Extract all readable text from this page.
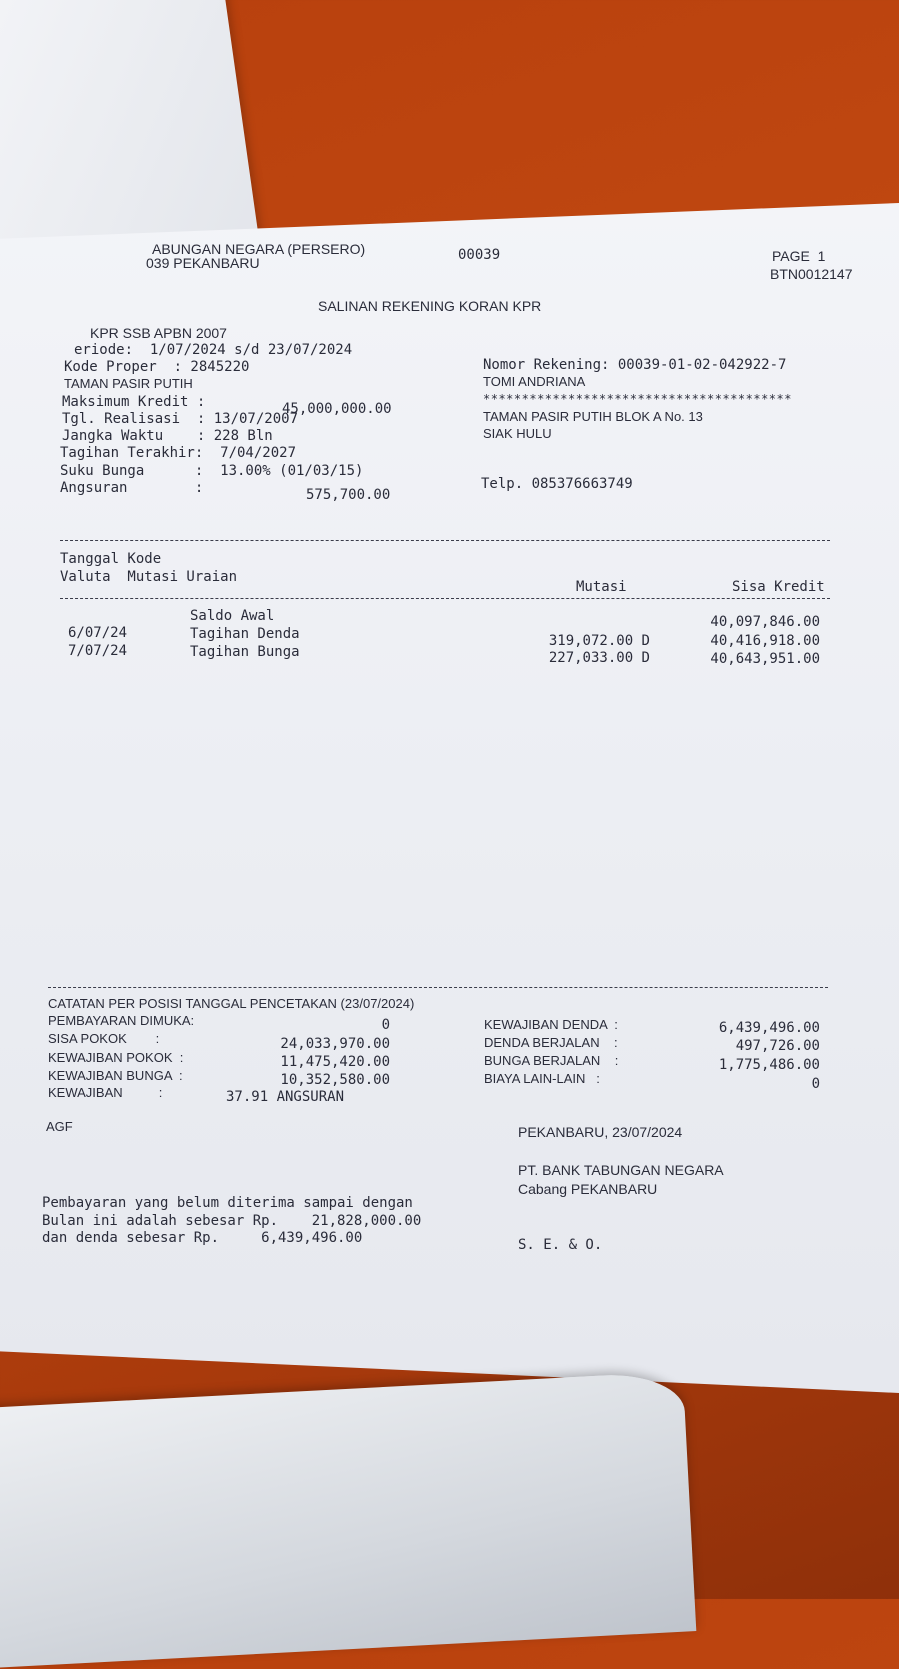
ABUNGAN NEGARA (PERSERO)
039 PEKANBARU	00039	PAGE  1
BTN0012147
SALINAN REKENING KORAN KPR
KPR SSB APBN 2007
eriode:  1/07/2024 s/d 23/07/2024
Kode Proper  : 2845220
TAMAN PASIR PUTIH
Maksimum Kredit :	45,000,000.00
Tgl. Realisasi  : 13/07/2007
Jangka Waktu    : 228 Bln
Tagihan Terakhir:  7/04/2027
Suku Bunga      :  13.00% (01/03/15)
Angsuran        :	575,700.00
Nomor Rekening: 00039-01-02-042922-7
TOMI ANDRIANA
****************************************
TAMAN PASIR PUTIH BLOK A No. 13
SIAK HULU
Telp. 085376663749
Tanggal Kode
Valuta  Mutasi Uraian
Mutasi	Sisa Kredit
Saldo Awal	40,097,846.00
6/07/24	Tagihan Denda	319,072.00 D	40,416,918.00
7/07/24	Tagihan Bunga	227,033.00 D	40,643,951.00
CATATAN PER POSISI TANGGAL PENCETAKAN (23/07/2024)
PEMBAYARAN DIMUKA:	0
SISA POKOK        :	24,033,970.00
KEWAJIBAN POKOK  :	11,475,420.00
KEWAJIBAN BUNGA  :	10,352,580.00
KEWAJIBAN          :	37.91 ANGSURAN
KEWAJIBAN DENDA  :	6,439,496.00
DENDA BERJALAN    :	497,726.00
BUNGA BERJALAN    :	1,775,486.00
BIAYA LAIN-LAIN   :	0
AGF	PEKANBARU, 23/07/2024
PT. BANK TABUNGAN NEGARA
Cabang PEKANBARU
Pembayaran yang belum diterima sampai dengan
Bulan ini adalah sebesar Rp.    21,828,000.00
dan denda sebesar Rp.     6,439,496.00	S. E. & O.
